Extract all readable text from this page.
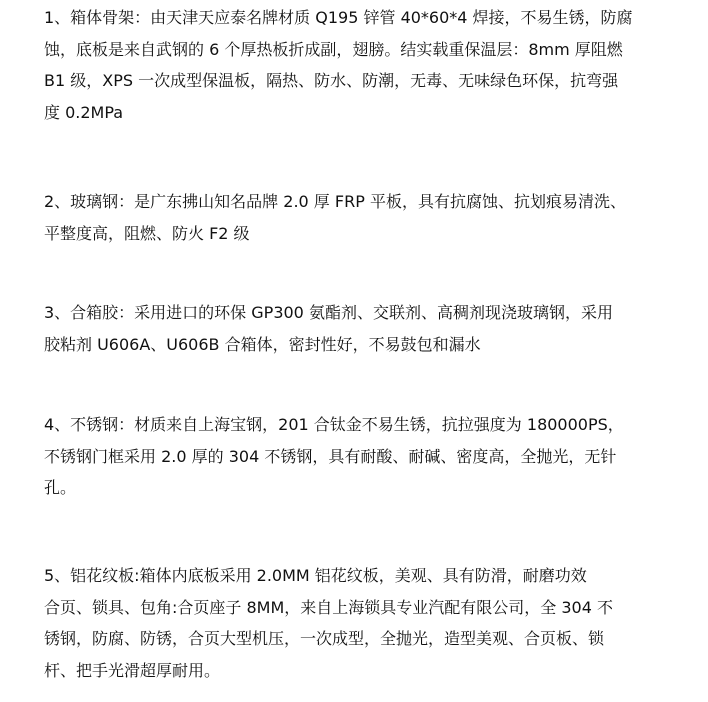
1、箱体骨架：由天津天应泰名牌材质 Q195 锌管 40*60*4 焊接，不易生锈，防腐
蚀，底板是来自武钢的 6 个厚热板折成副，翅膀。结实载重保温层：8mm 厚阻燃
B1 级，XPS 一次成型保温板，隔热、防水、防潮，无毒、无味绿色环保，抗弯强
度 0.2MPa
2、玻璃钢：是广东拂山知名品牌 2.0 厚 FRP 平板，具有抗腐蚀、抗划痕易清洗、
平整度高，阻燃、防火 F2 级
3、合箱胶：采用进口的环保 GP300 氨酯剂、交联剂、高稠剂现浇玻璃钢，采用
胶粘剂 U606A、U606B 合箱体，密封性好，不易鼓包和漏水
4、不锈钢：材质来自上海宝钢，201 合钛金不易生锈，抗拉强度为 180000PS，
不锈钢门框采用 2.0 厚的 304 不锈钢，具有耐酸、耐碱、密度高，全抛光，无针
孔。
5、铝花纹板:箱体内底板采用 2.0MM 铝花纹板，美观、具有防滑，耐磨功效
合页、锁具、包角:合页座子 8MM，来自上海锁具专业汽配有限公司，全 304 不
锈钢，防腐、防锈，合页大型机压，一次成型，全抛光，造型美观、合页板、锁
杆、把手光滑超厚耐用。
